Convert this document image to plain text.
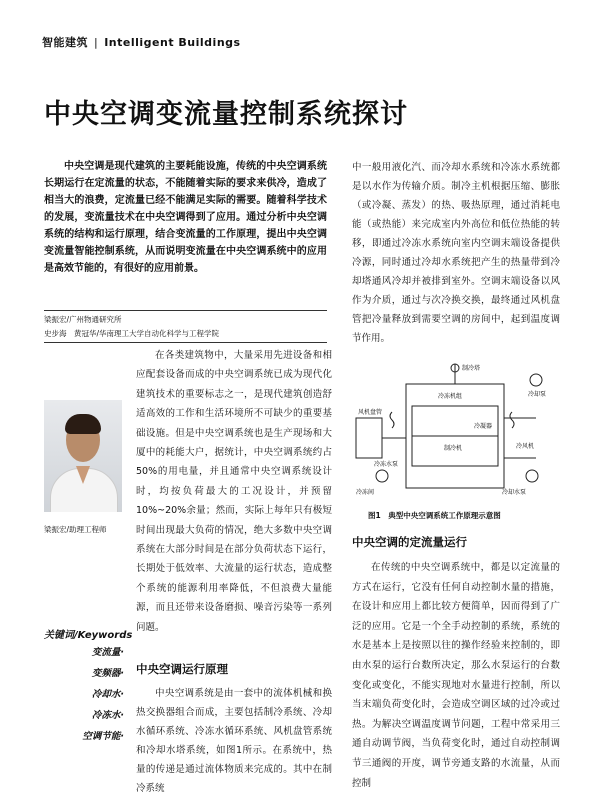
智能建筑 | Intelligent Buildings
中央空调变流量控制系统探讨
中央空调是现代建筑的主要耗能设施，传统的中央空调系统长期运行在定流量的状态，不能随着实际的要求来供冷，造成了相当大的浪费，定流量已经不能满足实际的需要。随着科学技术的发展，变流量技术在中央空调得到了应用。通过分析中央空调系统的结构和运行原理，结合变流量的工作原理，提出中央空调变流量智能控制系统，从而说明变流量在中央空调系统中的应用是高效节能的，有很好的应用前景。
梁振宏/广州物通研究所
史步海　黄冠华/华南理工大学自动化科学与工程学院
梁振宏/助理工程师
关键词/Keywords
变流量·
变频器·
冷却水·
冷冻水·
空调节能·
在各类建筑物中，大量采用先进设备和相应配套设备而成的中央空调系统已成为现代化建筑技术的重要标志之一，是现代建筑创造舒适高效的工作和生活环境所不可缺少的重要基础设施。但是中央空调系统也是生产现场和大厦中的耗能大户，据统计，中央空调系统约占50%的用电量，并且通常中央空调系统设计时，均按负荷最大的工况设计，并预留10%~20%余量；然而，实际上每年只有极短时间出现最大负荷的情况，绝大多数中央空调系统在大部分时间是在部分负荷状态下运行，长期处于低效率、大流量的运行状态，造成整个系统的能源利用率降低，不但浪费大量能源，而且还带来设备磨损、噪音污染等一系列问题。
中央空调运行原理
中央空调系统是由一套中的流体机械和换热交换器组合而成，主要包括制冷系统、冷却水循环系统、冷冻水循环系统、风机盘管系统和冷却水塔系统，如图1所示。在系统中，热量的传递是通过流体物质来完成的。其中在制冷系统
中一般用液化汽、而冷却水系统和冷冻水系统都是以水作为传输介质。制冷主机根据压缩、膨胀（或冷凝、蒸发）的热、吸热原理，通过消耗电能（或热能）来完成室内外高位和低位热能的转移，即通过冷冻水系统向室内空调末端设备提供冷源，同时通过冷却水系统把产生的热量带到冷却塔通风冷却并被排到室外。空调末端设备以风作为介质，通过与次冷换交换，最终通过风机盘管把冷量释放到需要空调的房间中，起到温度调节作用。
制冷塔
冷却泵
冷冻机组
冷凝器
制冷机
风机盘管
冷冻水泵
冷却水泵
冷冻间
冷风机
图1　典型中央空调系统工作原理示意图
中央空调的定流量运行
在传统的中央空调系统中，都是以定流量的方式在运行，它没有任何自动控制水量的措施，在设计和应用上都比较方便简单，因而得到了广泛的应用。它是一个全手动控制的系统，系统的水是基本上是按照以往的操作经验来控制的，即由水泵的运行台数所决定，那么水泵运行的台数变化或变化，不能实现地对水量进行控制，所以当末端负荷变化时，会造成空调区域的过冷或过热。为解决空调温度调节问题，工程中常采用三通自动调节阀，当负荷变化时，通过自动控制调节三通阀的开度，调节旁通支路的水流量，从而控制
